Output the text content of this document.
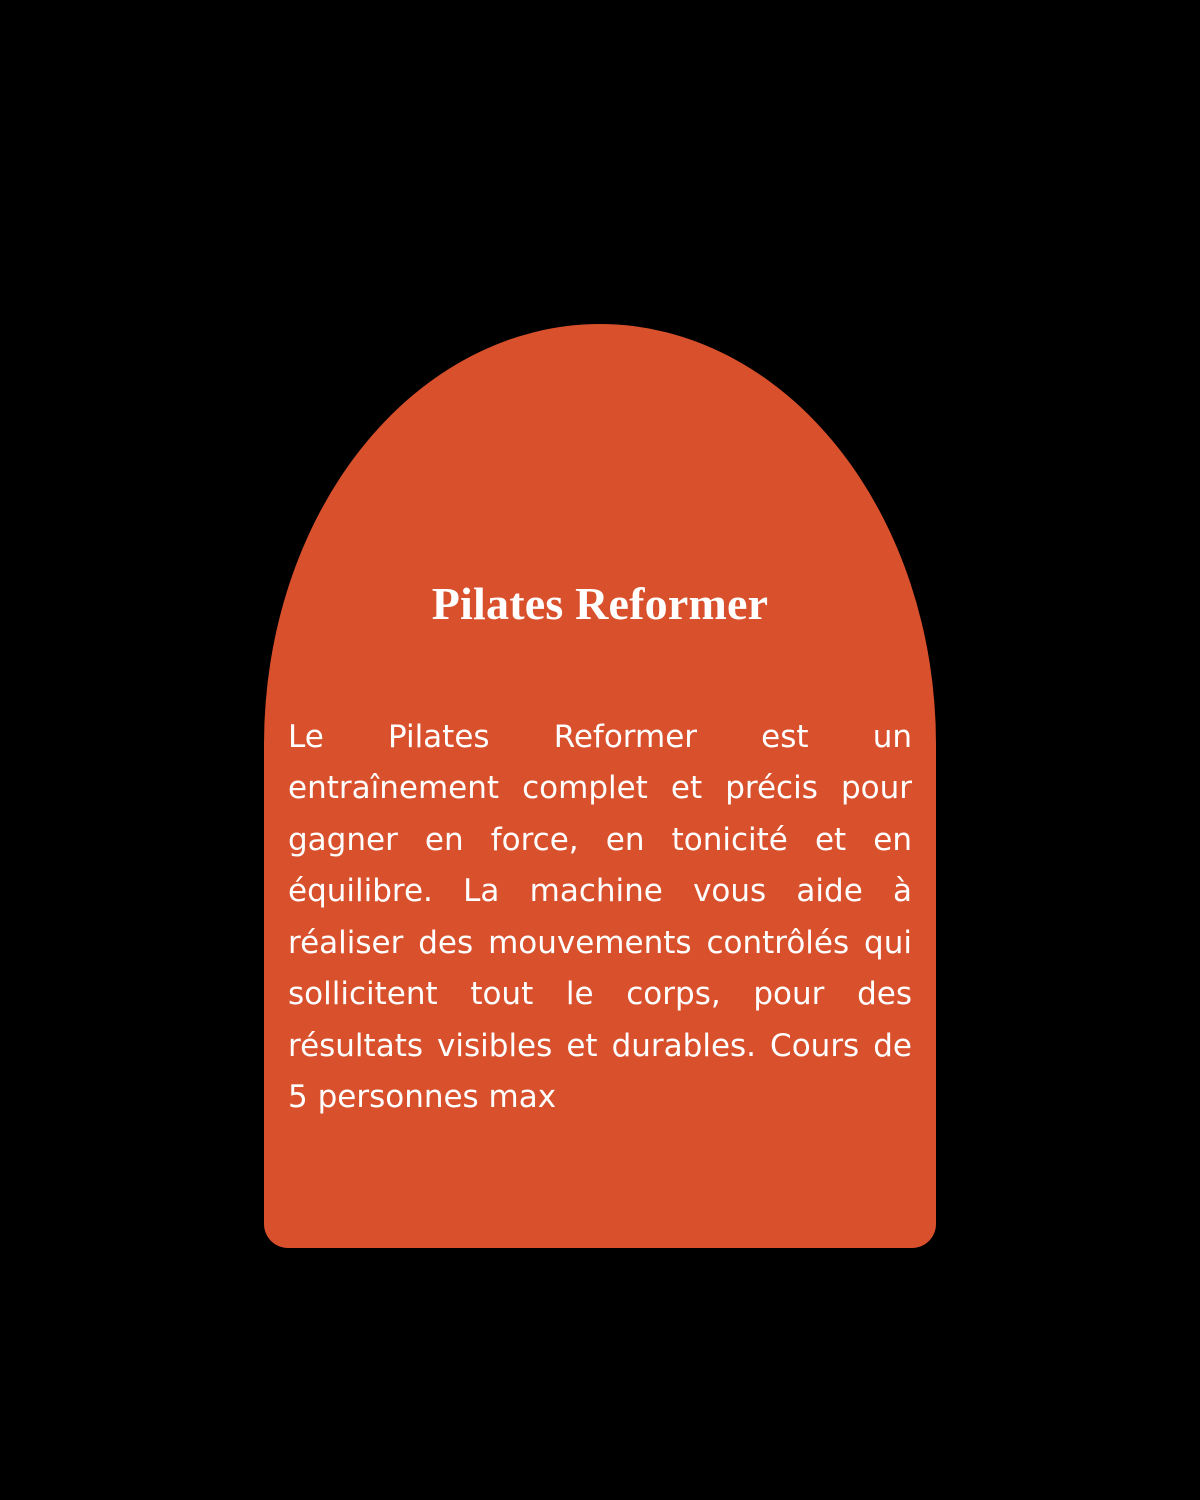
Pilates Reformer
Le Pilates Reformer est un entraînement complet et précis pour gagner en force, en tonicité et en équilibre. La machine vous aide à réaliser des mouvements contrôlés qui sollicitent tout le corps, pour des résultats visibles et durables. Cours de 5 personnes max
